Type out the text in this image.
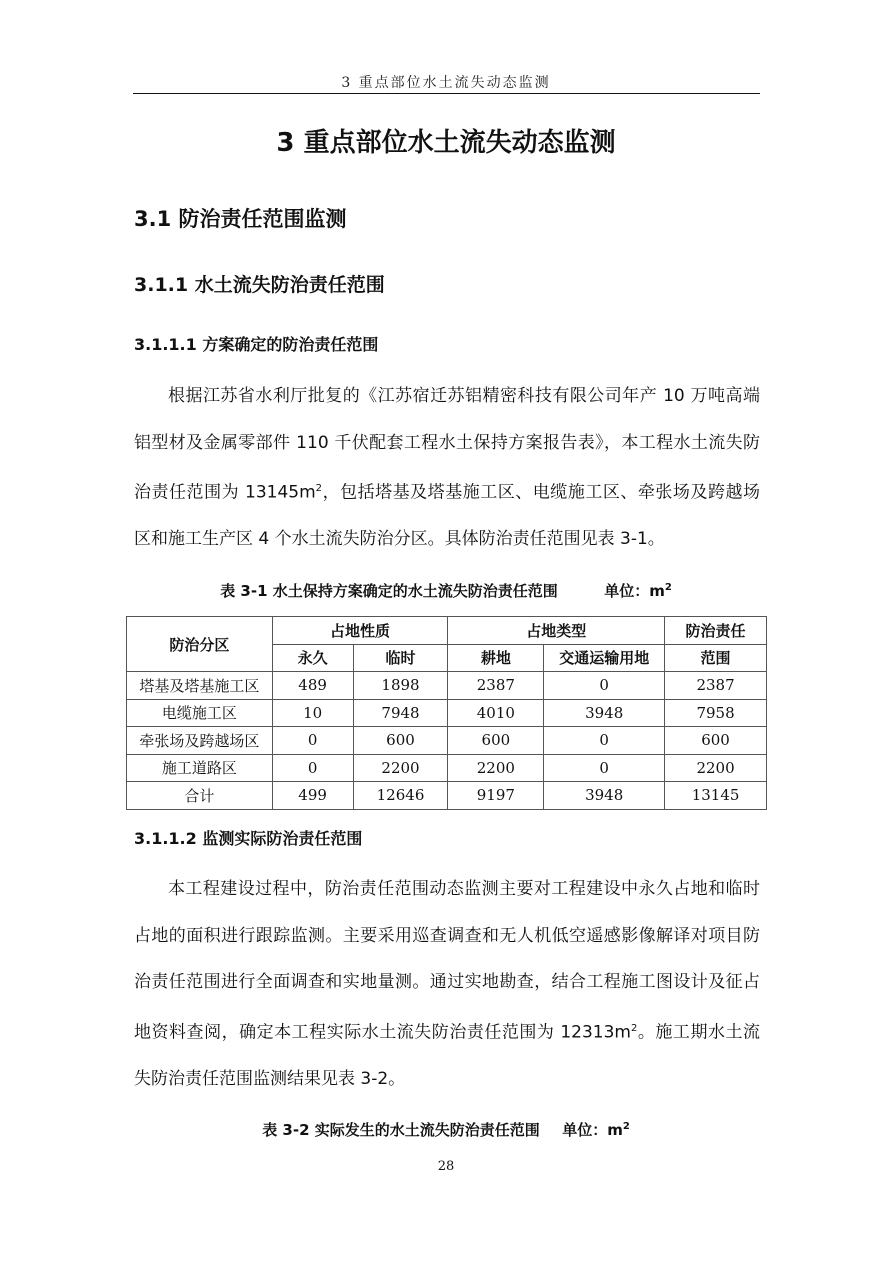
3 重点部位水土流失动态监测
3 重点部位水土流失动态监测
3.1 防治责任范围监测
3.1.1 水土流失防治责任范围
3.1.1.1 方案确定的防治责任范围
根据江苏省水利厅批复的《江苏宿迁苏铝精密科技有限公司年产 10 万吨高端铝型材及金属零部件 110 千伏配套工程水土保持方案报告表》，本工程水土流失防治责任范围为 $13145m^2$，包括塔基及塔基施工区、电缆施工区、牵张场及跨越场区和施工生产区 4 个水土流失防治分区。具体防治责任范围见表 3-1。
表 3-1 水土保持方案确定的水土流失防治责任范围	单位：$m^2$
防治分区	占地性质		占地类型		防治责任
	永久	临时	耕地	交通运输用地	范围
塔基及塔基施工区	489	1898	2387	0	2387
电缆施工区	10	7948	4010	3948	7958
牵张场及跨越场区	0	600	600	0	600
施工道路区	0	2200	2200	0	2200
合计	499	12646	9197	3948	13145
3.1.1.2 监测实际防治责任范围
本工程建设过程中，防治责任范围动态监测主要对工程建设中永久占地和临时占地的面积进行跟踪监测。主要采用巡查调查和无人机低空遥感影像解译对项目防治责任范围进行全面调查和实地量测。通过实地勘查，结合工程施工图设计及征占地资料查阅，确定本工程实际水土流失防治责任范围为 $12313m^2$。施工期水土流失防治责任范围监测结果见表 3-2。
表 3-2 实际发生的水土流失防治责任范围 单位：$m^2$
28
